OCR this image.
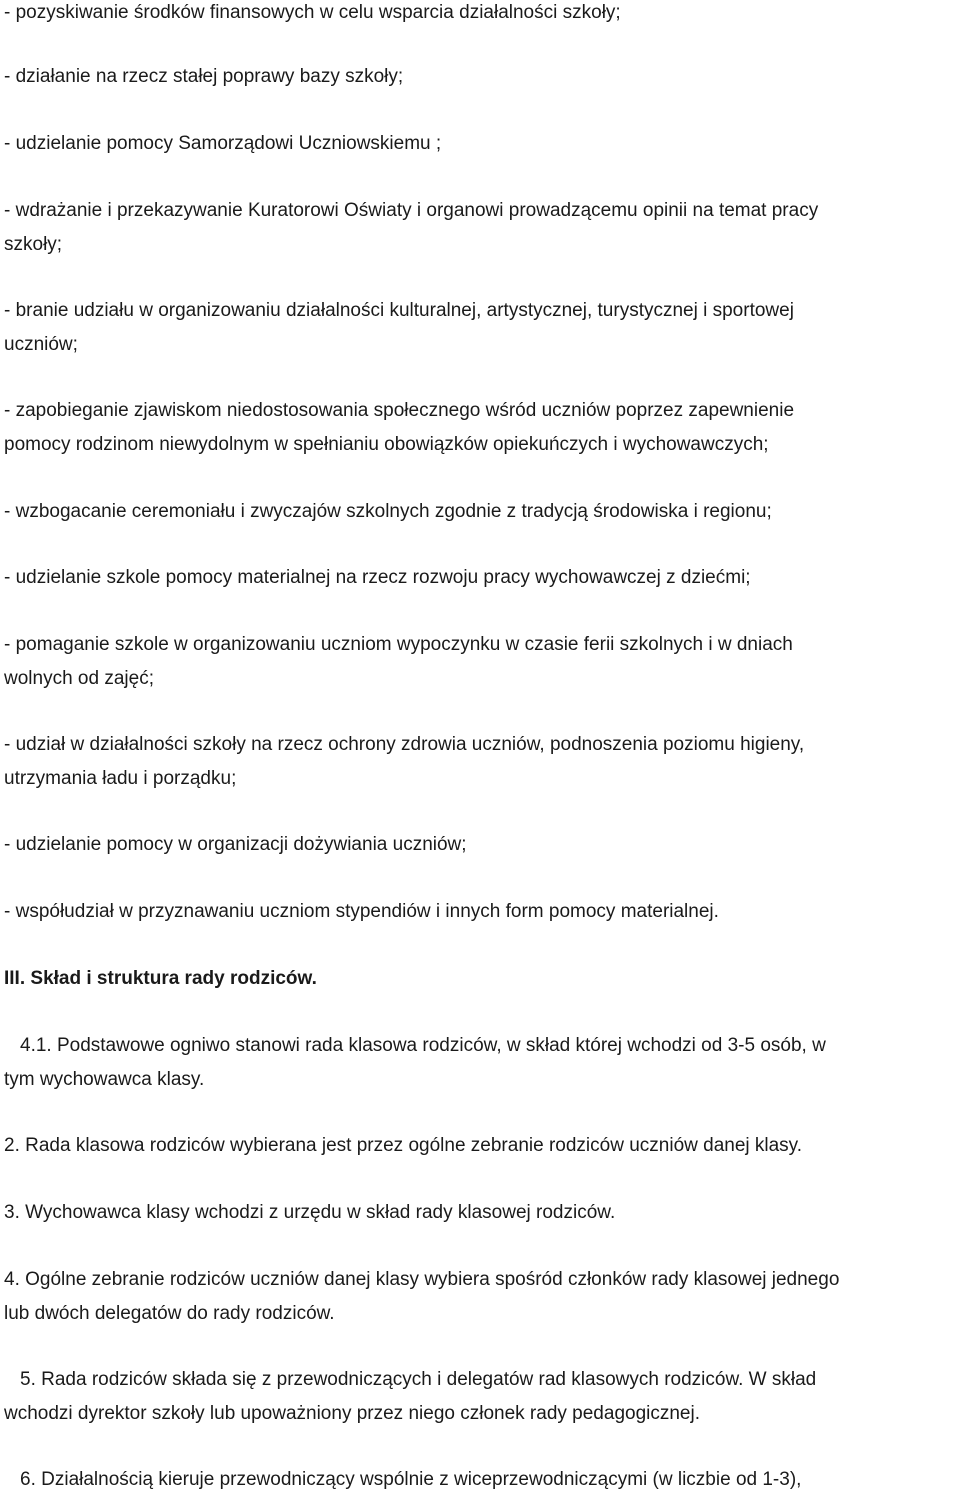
- pozyskiwanie środków finansowych w celu wsparcia działalności szkoły;
- działanie na rzecz stałej poprawy bazy szkoły;
- udzielanie pomocy Samorządowi Uczniowskiemu ;
- wdrażanie i przekazywanie Kuratorowi Oświaty i organowi prowadzącemu opinii na temat pracy
szkoły;
- branie udziału w organizowaniu działalności kulturalnej, artystycznej, turystycznej i sportowej
uczniów;
- zapobieganie zjawiskom niedostosowania społecznego wśród uczniów poprzez zapewnienie
pomocy rodzinom niewydolnym w spełnianiu obowiązków opiekuńczych i wychowawczych;
- wzbogacanie ceremoniału i zwyczajów szkolnych zgodnie z tradycją środowiska i regionu;
- udzielanie szkole pomocy materialnej na rzecz rozwoju pracy wychowawczej z dziećmi;
- pomaganie szkole w organizowaniu uczniom wypoczynku w czasie ferii szkolnych i w dniach
wolnych od zajęć;
- udział w działalności szkoły na rzecz ochrony zdrowia uczniów, podnoszenia poziomu higieny,
utrzymania ładu i porządku;
- udzielanie pomocy w organizacji dożywiania uczniów;
- współudział w przyznawaniu uczniom stypendiów i innych form pomocy materialnej.
III. Skład i struktura rady rodziców.
4.1. Podstawowe ogniwo stanowi rada klasowa rodziców, w skład której wchodzi od 3-5 osób, w
tym wychowawca klasy.
2. Rada klasowa rodziców wybierana jest przez ogólne zebranie rodziców uczniów danej klasy.
3. Wychowawca klasy wchodzi z urzędu w skład rady klasowej rodziców.
4. Ogólne zebranie rodziców uczniów danej klasy wybiera spośród członków rady klasowej jednego
lub dwóch delegatów do rady rodziców.
5. Rada rodziców składa się z przewodniczących i delegatów rad klasowych rodziców. W skład
wchodzi dyrektor szkoły lub upoważniony przez niego członek rady pedagogicznej.
6. Działalnością kieruje przewodniczący wspólnie z wiceprzewodniczącymi (w liczbie od 1-3),
